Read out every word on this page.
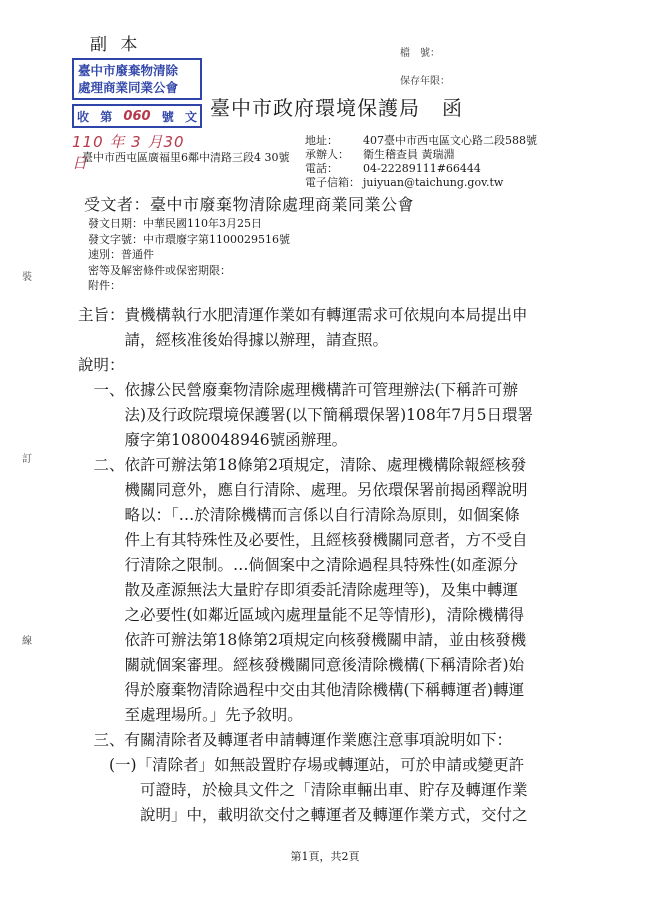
副 本	檔　號：
保存年限：
臺中市廢棄物清除
處理商業同業公會
收 第 060 號 文
110 年 3 月30 日
臺中市政府環境保護局 函
地址： 407臺中市西屯區文心路二段588號
承辦人： 衛生稽查員 黃瑞淵
電話： 04-22289111#66444
電子信箱： juiyuan@taichung.gov.tw
臺中市西屯區廣福里6鄰中清路三段4 30號
受文者：臺中市廢棄物清除處理商業同業公會
發文日期：中華民國110年3月25日
發文字號：中市環廢字第1100029516號
速別：普通件
密等及解密條件或保密期限：
附件：
裝
訂
線
主旨：貴機構執行水肥清運作業如有轉運需求可依規向本局提出申
　　　請，經核准後始得據以辦理，請查照。
說明：
　一、依據公民營廢棄物清除處理機構許可管理辦法(下稱許可辦
　　　法)及行政院環境保護署(以下簡稱環保署)108年7月5日環署
　　　廢字第1080048946號函辦理。
　二、依許可辦法第18條第2項規定，清除、處理機構除報經核發
　　　機關同意外，應自行清除、處理。另依環保署前揭函釋說明
　　　略以：「…於清除機構而言係以自行清除為原則，如個案條
　　　件上有其特殊性及必要性，且經核發機關同意者，方不受自
　　　行清除之限制。…倘個案中之清除過程具特殊性(如產源分
　　　散及產源無法大量貯存即須委託清除處理等)，及集中轉運
　　　之必要性(如鄰近區域內處理量能不足等情形)，清除機構得
　　　依許可辦法第18條第2項規定向核發機關申請，並由核發機
　　　關就個案審理。經核發機關同意後清除機構(下稱清除者)始
　　　得於廢棄物清除過程中交由其他清除機構(下稱轉運者)轉運
　　　至處理場所。」先予敘明。
　三、有關清除者及轉運者申請轉運作業應注意事項說明如下：
　　(一)「清除者」如無設置貯存場或轉運站，可於申請或變更許
　　　　可證時，於檢具文件之「清除車輛出車、貯存及轉運作業
　　　　說明」中，載明欲交付之轉運者及轉運作業方式，交付之
第1頁，共2頁
